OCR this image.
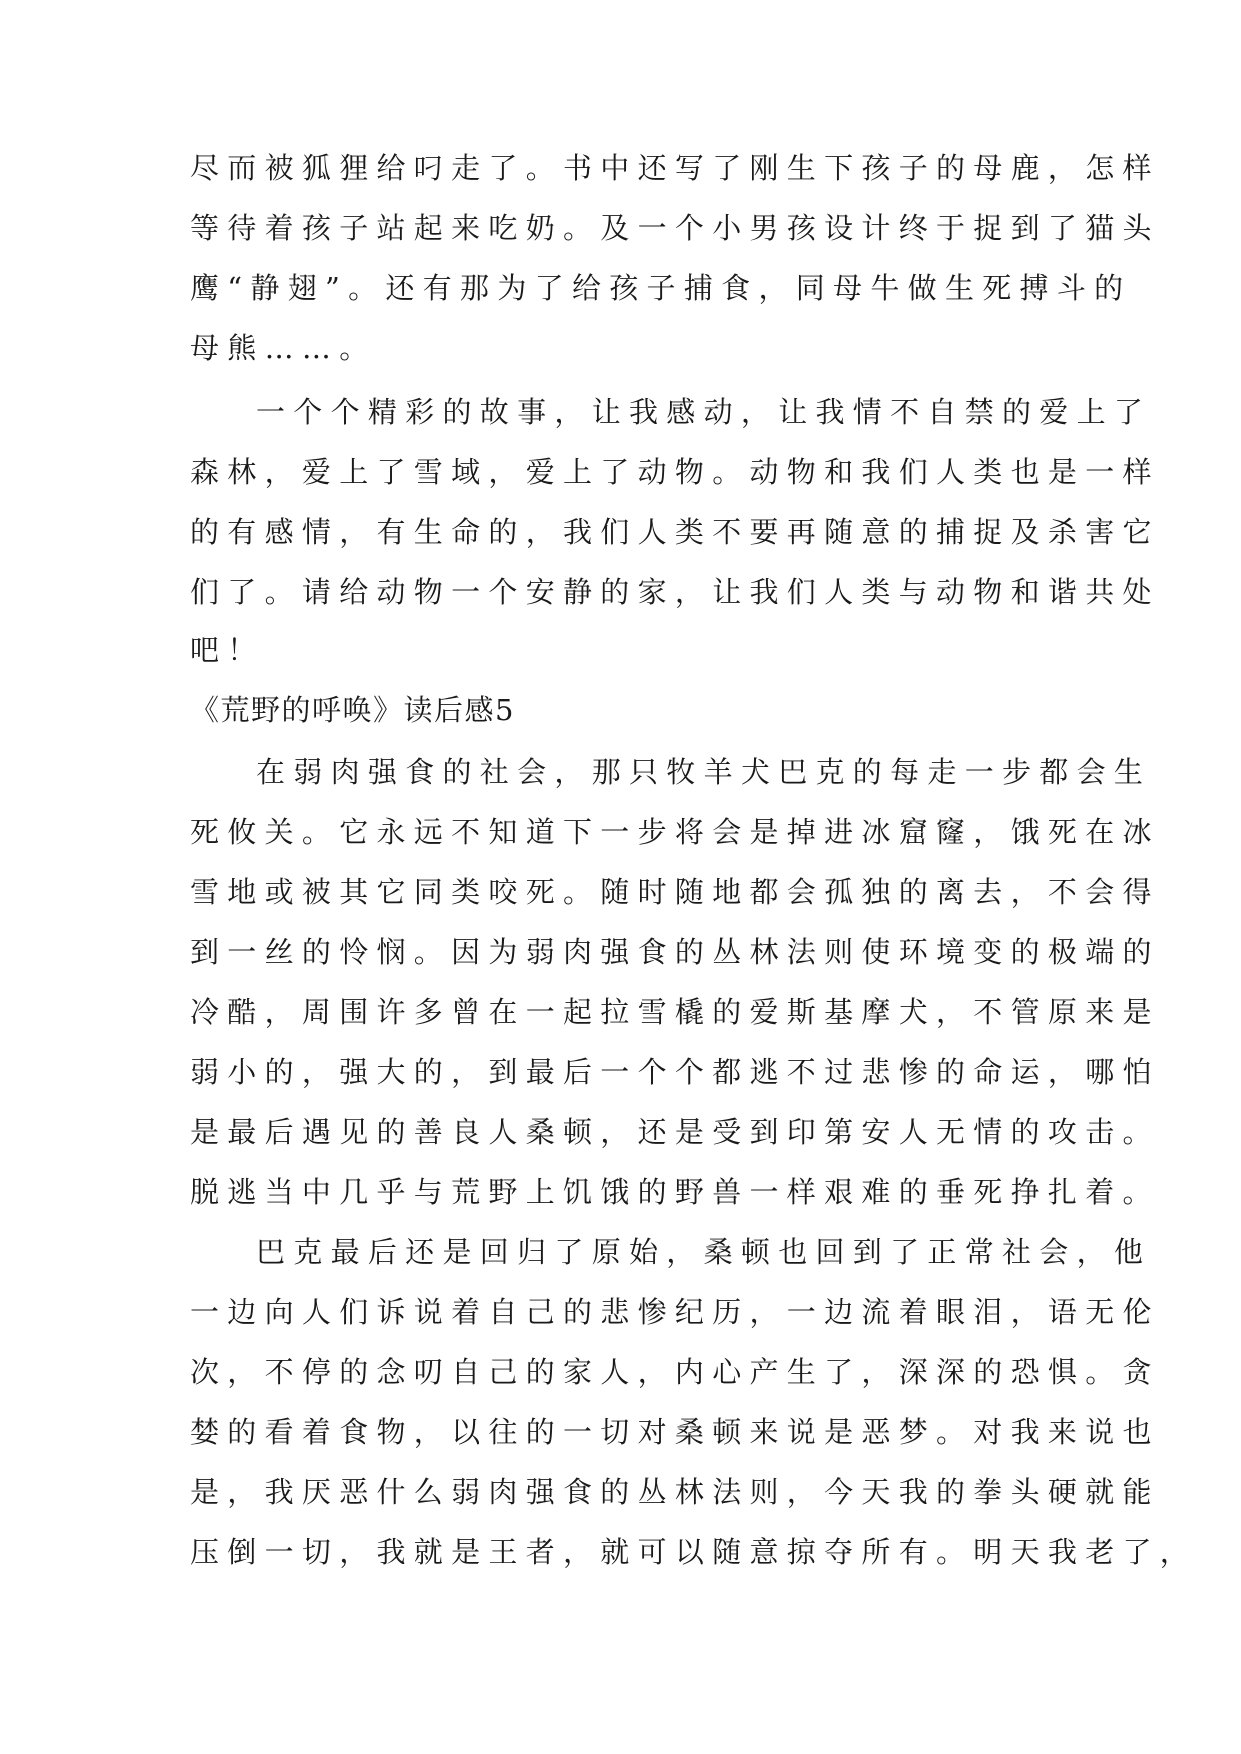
尽而被狐狸给叼走了。书中还写了刚生下孩子的母鹿，怎样
等待着孩子站起来吃奶。及一个小男孩设计终于捉到了猫头
鹰“静翅”。还有那为了给孩子捕食，同母牛做生死搏斗的
母熊……。
一个个精彩的故事，让我感动，让我情不自禁的爱上了
森林，爱上了雪域，爱上了动物。动物和我们人类也是一样
的有感情，有生命的，我们人类不要再随意的捕捉及杀害它
们了。请给动物一个安静的家，让我们人类与动物和谐共处
吧！
《荒野的呼唤》读后感5
在弱肉强食的社会，那只牧羊犬巴克的每走一步都会生
死攸关。它永远不知道下一步将会是掉进冰窟窿，饿死在冰
雪地或被其它同类咬死。随时随地都会孤独的离去，不会得
到一丝的怜悯。因为弱肉强食的丛林法则使环境变的极端的
冷酷，周围许多曾在一起拉雪橇的爱斯基摩犬，不管原来是
弱小的，强大的，到最后一个个都逃不过悲惨的命运，哪怕
是最后遇见的善良人桑顿，还是受到印第安人无情的攻击。
脱逃当中几乎与荒野上饥饿的野兽一样艰难的垂死挣扎着。
巴克最后还是回归了原始，桑顿也回到了正常社会，他
一边向人们诉说着自己的悲惨纪历，一边流着眼泪，语无伦
次，不停的念叨自己的家人，内心产生了，深深的恐惧。贪
婪的看着食物，以往的一切对桑顿来说是恶梦。对我来说也
是，我厌恶什么弱肉强食的丛林法则，今天我的拳头硬就能
压倒一切，我就是王者，就可以随意掠夺所有。明天我老了，
